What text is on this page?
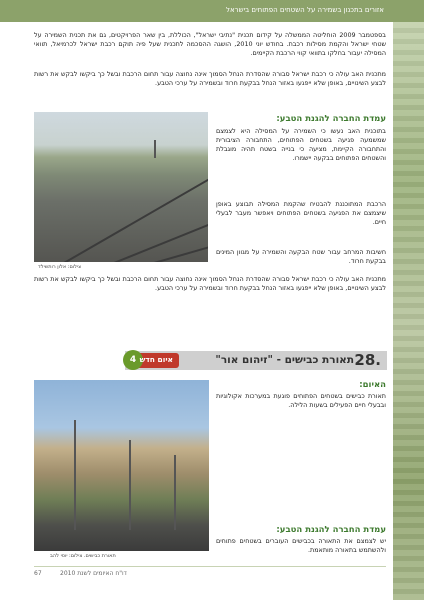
אזורים בתכנון בשמירה על השטחים הפתוחים בישראל

בספטמבר 2009 הוחליטה הממשלה על קידום תכנית "נתיבי ישראל", הכוללת, בין שאר הפרויקטים, גם את תכנית השמירה על שטחי ישראל והקמת מסילות רכבת. בחודש יוני 2010, הושגה ההסכמה לתכנית שעל פיה תוקם רכבת ישראל לכרמיאל, תוואי המסילה יעבור בחלקו בתוואי קווי הרכבת הקיימים.

מתכנית האב עולה כי רכבת ישראל סבורה שהסדרת הנחל הסמוך אינה נחוצה עבור תחום הרכבת ובשל כך ביקשו לבקש את רשות לבצע השינויים, באופן שלא ייפגעו באזור הנחל בבקעת חרוד ובשמירה על ערכי הטבע.

צילום: אלון רותשילד
עמדת החברה להגנת הטבע:

בתוכנית האב נעשו כי השמירה על המסילה היא לצמצם שמשמעה פגיעה בשטחים הפתוחים, התחבורה הציבורית והתחבורה הקיימת, מציעה כי בנייה בשטח תהיה מוגבלת והשטחים הפתוחים בבקעה יישמרו.

הרכבת המתוכננת להבטיח שהקמת המסילה תבוצע באופן שיצמצם את הפגיעה בשטחים הפתוחים ויאפשר מעבר לבעלי חיים.

חשיבות המרחב עבור שטח הבקעה והשמירה על מגוון המינים בבקעת חרוד.

מתכנית האב עולה כי רכבת ישראל סבורה שהסדרת הנחל הסמוך אינה נחוצה עבור תחום הרכבת ובשל כך ביקשו לבקש את רשות לבצע השינויים, באופן שלא ייפגעו באזור הנחל בבקעת חרוד ובשמירה על ערכי הטבע.

28.
תאורת כבישים - "זיהום אור"
4 איום חדש
תאורת כבישים. צילום: יוסי להב
האיום:

תאורת כבישים בשטחים הפתוחים פוגעת במערכות אקולוגיות ובבעלי חיים הפעילים בשעות הלילה.

עמדת החברה להגנת הטבע:

יש לצמצם את התאורה בכבישים העוברים בשטחים פתוחים ולהשתמש בתאורה מותאמת.

67	דו"ח האיומים לשנת 2010
